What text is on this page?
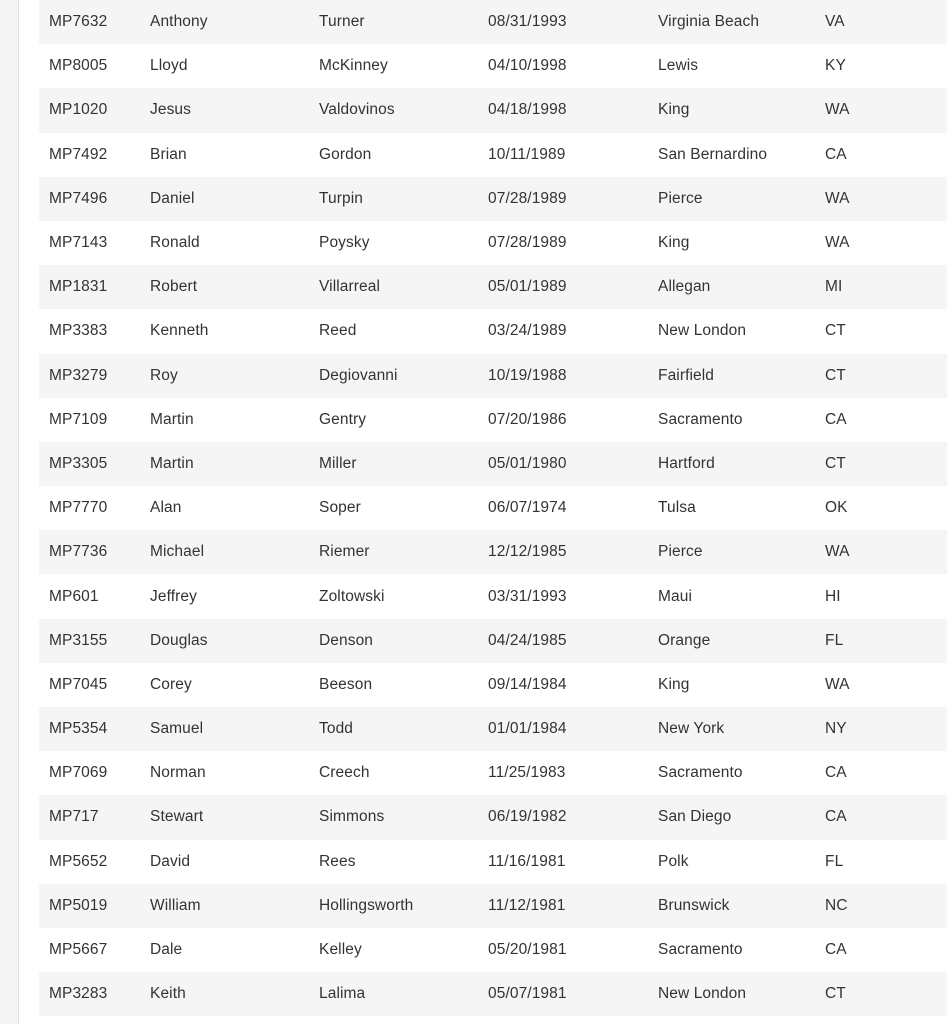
MP7632	Anthony	Turner	08/31/1993	Virginia Beach	VA
MP8005	Lloyd	McKinney	04/10/1998	Lewis	KY
MP1020	Jesus	Valdovinos	04/18/1998	King	WA
MP7492	Brian	Gordon	10/11/1989	San Bernardino	CA
MP7496	Daniel	Turpin	07/28/1989	Pierce	WA
MP7143	Ronald	Poysky	07/28/1989	King	WA
MP1831	Robert	Villarreal	05/01/1989	Allegan	MI
MP3383	Kenneth	Reed	03/24/1989	New London	CT
MP3279	Roy	Degiovanni	10/19/1988	Fairfield	CT
MP7109	Martin	Gentry	07/20/1986	Sacramento	CA
MP3305	Martin	Miller	05/01/1980	Hartford	CT
MP7770	Alan	Soper	06/07/1974	Tulsa	OK
MP7736	Michael	Riemer	12/12/1985	Pierce	WA
MP601	Jeffrey	Zoltowski	03/31/1993	Maui	HI
MP3155	Douglas	Denson	04/24/1985	Orange	FL
MP7045	Corey	Beeson	09/14/1984	King	WA
MP5354	Samuel	Todd	01/01/1984	New York	NY
MP7069	Norman	Creech	11/25/1983	Sacramento	CA
MP717	Stewart	Simmons	06/19/1982	San Diego	CA
MP5652	David	Rees	11/16/1981	Polk	FL
MP5019	William	Hollingsworth	11/12/1981	Brunswick	NC
MP5667	Dale	Kelley	05/20/1981	Sacramento	CA
MP3283	Keith	Lalima	05/07/1981	New London	CT
